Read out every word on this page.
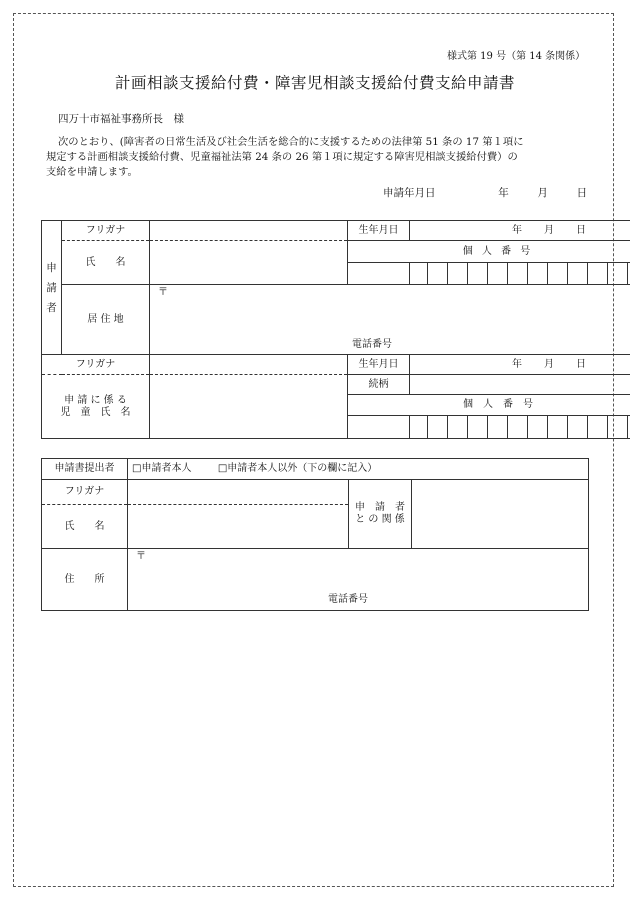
様式第 19 号（第 14 条関係）
計画相談支援給付費・障害児相談支援給付費支給申請書
四万十市福祉事務所長　様

次のとおり、(障害者の日常生活及び社会生活を総合的に支援するための法律第 51 条の 17 第１項に

規定する計画相談支援給付費、児童福祉法第 24 条の 26 第１項に規定する障害児相談支援給付費）の

支給を申請します。

申請年月日	年	月	日
申
請
者	フリガナ		生年月日	年 月 日											
	氏　　名		個 人 番 号												

	居 住 地	〒
電話番号													

フリガナ			生年月日	年 月 日											
申 請 に 係 る
児　童　氏　名			続柄												
			個　人　番　号												

申請書提出者	□申請者本人 □申請者本人以外（下の欄に記入）		
フリガナ		申　請　者
と の 関 係	
氏　　名			
住　　所	〒
電話番号		
